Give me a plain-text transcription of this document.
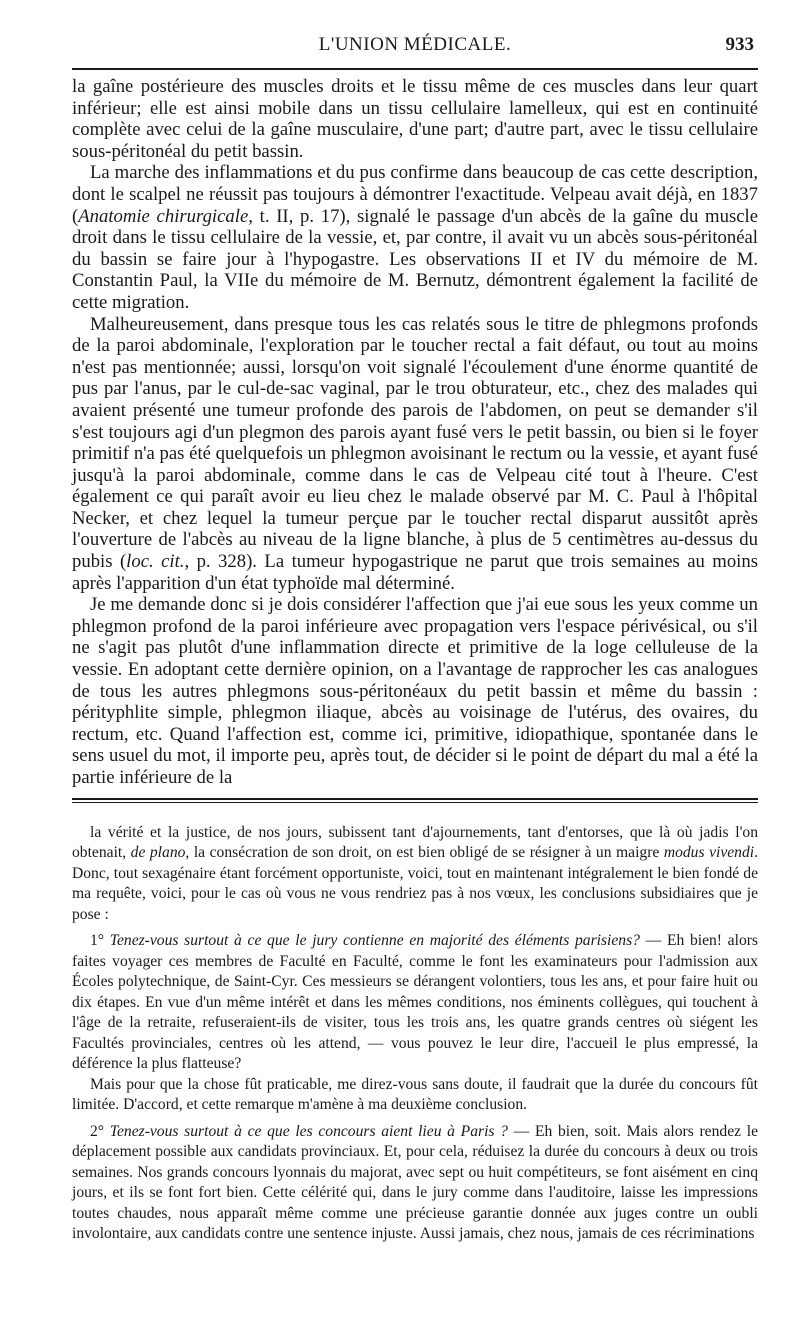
L'UNION MÉDICALE.	933

la gaîne postérieure des muscles droits et le tissu même de ces muscles dans leur quart inférieur; elle est ainsi mobile dans un tissu cellulaire lamelleux, qui est en continuité complète avec celui de la gaîne musculaire, d'une part; d'autre part, avec le tissu cellulaire sous-péritonéal du petit bassin.

La marche des inflammations et du pus confirme dans beaucoup de cas cette description, dont le scalpel ne réussit pas toujours à démontrer l'exactitude. Velpeau avait déjà, en 1837 (Anatomie chirurgicale, t. II, p. 17), signalé le passage d'un abcès de la gaîne du muscle droit dans le tissu cellulaire de la vessie, et, par contre, il avait vu un abcès sous-péritonéal du bassin se faire jour à l'hypogastre. Les observations II et IV du mémoire de M. Constantin Paul, la VIIe du mémoire de M. Bernutz, démontrent également la facilité de cette migration.

Malheureusement, dans presque tous les cas relatés sous le titre de phlegmons profonds de la paroi abdominale, l'exploration par le toucher rectal a fait défaut, ou tout au moins n'est pas mentionnée; aussi, lorsqu'on voit signalé l'écoulement d'une énorme quantité de pus par l'anus, par le cul-de-sac vaginal, par le trou obturateur, etc., chez des malades qui avaient présenté une tumeur profonde des parois de l'abdomen, on peut se demander s'il s'est toujours agi d'un plegmon des parois ayant fusé vers le petit bassin, ou bien si le foyer primitif n'a pas été quelquefois un phlegmon avoisinant le rectum ou la vessie, et ayant fusé jusqu'à la paroi abdominale, comme dans le cas de Velpeau cité tout à l'heure. C'est également ce qui paraît avoir eu lieu chez le malade observé par M. C. Paul à l'hôpital Necker, et chez lequel la tumeur perçue par le toucher rectal disparut aussitôt après l'ouverture de l'abcès au niveau de la ligne blanche, à plus de 5 centimètres au-dessus du pubis (loc. cit., p. 328). La tumeur hypogastrique ne parut que trois semaines au moins après l'apparition d'un état typhoïde mal déterminé.

Je me demande donc si je dois considérer l'affection que j'ai eue sous les yeux comme un phlegmon profond de la paroi inférieure avec propagation vers l'espace périvésical, ou s'il ne s'agit pas plutôt d'une inflammation directe et primitive de la loge celluleuse de la vessie. En adoptant cette dernière opinion, on a l'avantage de rapprocher les cas analogues de tous les autres phlegmons sous-péritonéaux du petit bassin et même du bassin : pérityphlite simple, phlegmon iliaque, abcès au voisinage de l'utérus, des ovaires, du rectum, etc. Quand l'affection est, comme ici, primitive, idiopathique, spontanée dans le sens usuel du mot, il importe peu, après tout, de décider si le point de départ du mal a été la partie inférieure de la

la vérité et la justice, de nos jours, subissent tant d'ajournements, tant d'entorses, que là où jadis l'on obtenait, de plano, la consécration de son droit, on est bien obligé de se résigner à un maigre modus vivendi. Donc, tout sexagénaire étant forcément opportuniste, voici, tout en maintenant intégralement le bien fondé de ma requête, voici, pour le cas où vous ne vous rendriez pas à nos vœux, les conclusions subsidiaires que je pose :

1° Tenez-vous surtout à ce que le jury contienne en majorité des éléments parisiens? — Eh bien! alors faites voyager ces membres de Faculté en Faculté, comme le font les examinateurs pour l'admission aux Écoles polytechnique, de Saint-Cyr. Ces messieurs se dérangent volontiers, tous les ans, et pour faire huit ou dix étapes. En vue d'un même intérêt et dans les mêmes conditions, nos éminents collègues, qui touchent à l'âge de la retraite, refuseraient-ils de visiter, tous les trois ans, les quatre grands centres où siégent les Facultés provinciales, centres où les attend, — vous pouvez le leur dire, l'accueil le plus empressé, la déférence la plus flatteuse?

Mais pour que la chose fût praticable, me direz-vous sans doute, il faudrait que la durée du concours fût limitée. D'accord, et cette remarque m'amène à ma deuxième conclusion.

2° Tenez-vous surtout à ce que les concours aient lieu à Paris ? — Eh bien, soit. Mais alors rendez le déplacement possible aux candidats provinciaux. Et, pour cela, réduisez la durée du concours à deux ou trois semaines. Nos grands concours lyonnais du majorat, avec sept ou huit compétiteurs, se font aisément en cinq jours, et ils se font fort bien. Cette célérité qui, dans le jury comme dans l'auditoire, laisse les impressions toutes chaudes, nous apparaît même comme une précieuse garantie donnée aux juges contre un oubli involontaire, aux candidats contre une sentence injuste. Aussi jamais, chez nous, jamais de ces récriminations
